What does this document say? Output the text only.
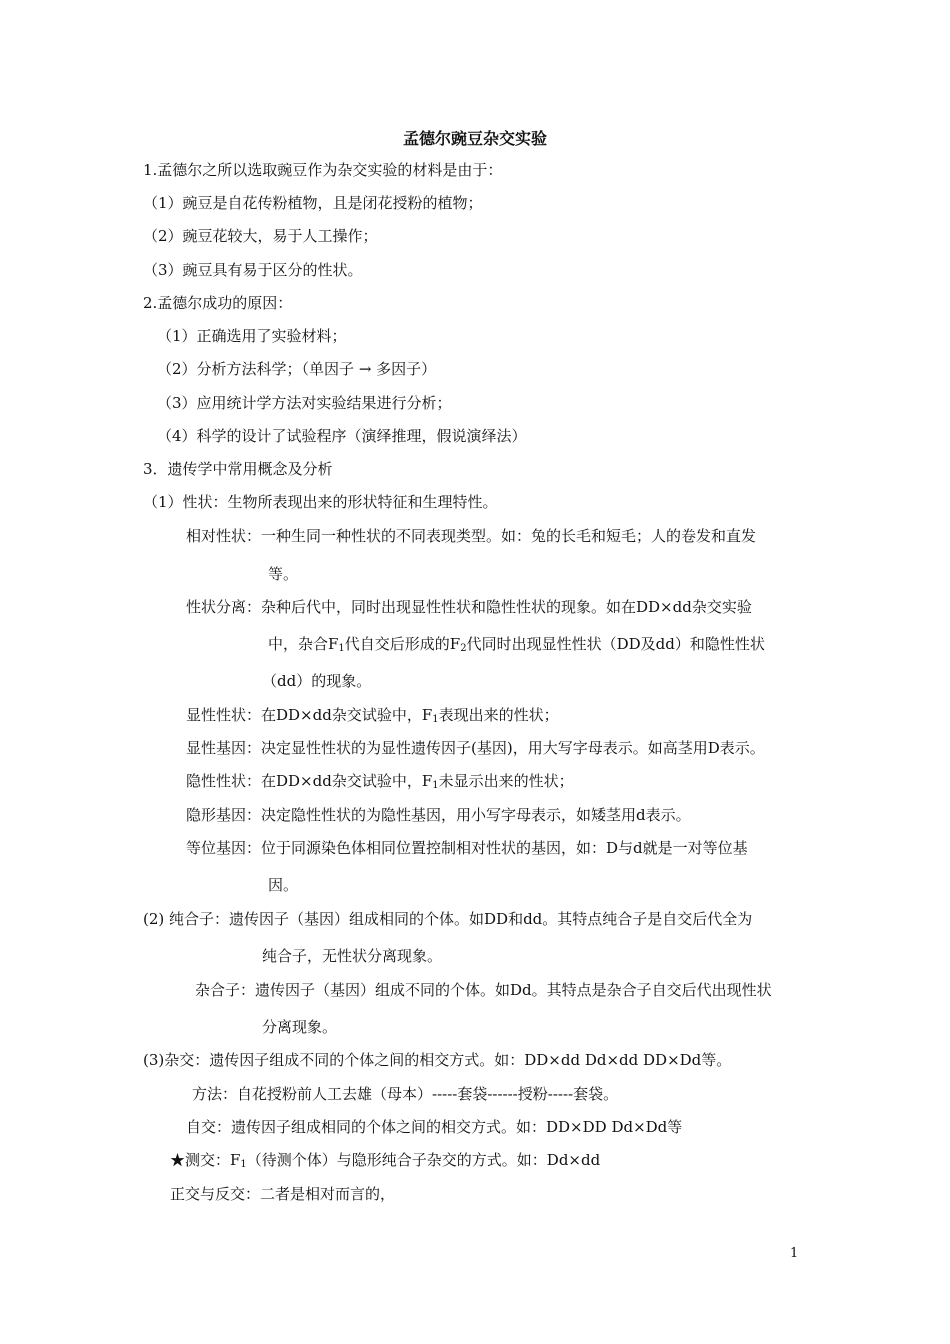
孟德尔豌豆杂交实验
1.孟德尔之所以选取豌豆作为杂交实验的材料是由于：
（1）豌豆是自花传粉植物，且是闭花授粉的植物；
（2）豌豆花较大，易于人工操作；
（3）豌豆具有易于区分的性状。
2.孟德尔成功的原因：
（1）正确选用了实验材料；
（2）分析方法科学；（单因子 → 多因子）
（3）应用统计学方法对实验结果进行分析；
（4）科学的设计了试验程序（演绎推理，假说演绎法）
3．遗传学中常用概念及分析
（1）性状：生物所表现出来的形状特征和生理特性。
相对性状：一种生同一种性状的不同表现类型。如：兔的长毛和短毛；人的卷发和直发
等。
性状分离：杂种后代中，同时出现显性性状和隐性性状的现象。如在DD×dd杂交实验
中，杂合$F_1$代自交后形成的$F_2$代同时出现显性性状（DD及dd）和隐性性状
（dd）的现象。
显性性状：在DD×dd杂交试验中，$F_1$表现出来的性状；
显性基因：决定显性性状的为显性遗传因子(基因)，用大写字母表示。如高茎用D表示。
隐性性状：在DD×dd杂交试验中，$F_1$未显示出来的性状；
隐形基因：决定隐性性状的为隐性基因，用小写字母表示，如矮茎用d表示。
等位基因：位于同源染色体相同位置控制相对性状的基因，如：D与d就是一对等位基
因。
(2) 纯合子：遗传因子（基因）组成相同的个体。如DD和dd。其特点纯合子是自交后代全为
纯合子，无性状分离现象。
杂合子：遗传因子（基因）组成不同的个体。如Dd。其特点是杂合子自交后代出现性状
分离现象。
(3)杂交：遗传因子组成不同的个体之间的相交方式。如：DD×dd Dd×dd DD×Dd等。
方法：自花授粉前人工去雄（母本）-----套袋------授粉-----套袋。
自交：遗传因子组成相同的个体之间的相交方式。如：DD×DD Dd×Dd等
★测交：$F_1$（待测个体）与隐形纯合子杂交的方式。如：Dd×dd
正交与反交：二者是相对而言的，
1
